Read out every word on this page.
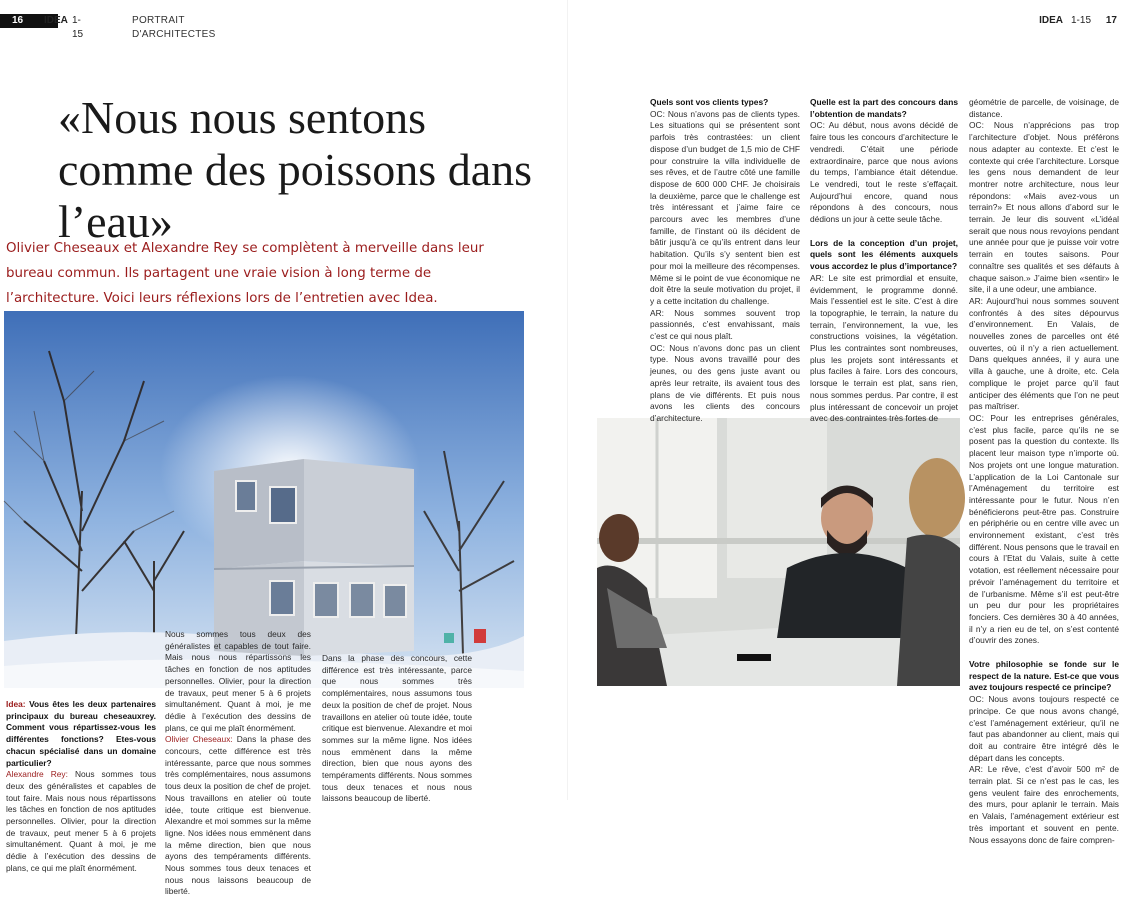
16	IDEA 1-15
PORTRAIT D'ARCHITECTES
IDEA 1-15 17
«Nous nous sentons comme des poissons dans l’eau»

Olivier Cheseaux et Alexandre Rey se complètent à merveille dans leur bureau commun. Ils partagent une vraie vision à long terme de l’architecture. Voici leurs réflexions lors de l’entretien avec Idea.

Idea: Vous êtes les deux partenaires principaux du bureau cheseauxrey. Comment vous répartissez-vous les différentes fonctions? Etes-vous chacun spécialisé dans un domaine particulier?

Alexandre Rey: Nous sommes tous deux des généralistes et capables de tout faire. Mais nous nous répartissons les tâches en fonction de nos aptitudes personnelles. Olivier, pour la direction de travaux, peut mener 5 à 6 projets simultanément. Quant à moi, je me dédie à l’exécution des dessins de plans, ce qui me plaît énormément.

Nous sommes tous deux des généralistes et capables de tout faire. Mais nous nous répartissons les tâches en fonction de nos aptitudes personnelles. Olivier, pour la direction de travaux, peut mener 5 à 6 projets simultanément. Quant à moi, je me dédie à l’exécution des dessins de plans, ce qui me plaît énormément.

Olivier Cheseaux: Dans la phase des concours, cette différence est très intéressante, parce que nous sommes très complémentaires, nous assumons tous deux la position de chef de projet. Nous travaillons en atelier où toute idée, toute critique est bienvenue. Alexandre et moi sommes sur la même ligne. Nos idées nous emmènent dans la même direction, bien que nous ayons des tempéraments différents. Nous sommes tous deux tenaces et nous nous laissons beaucoup de liberté.

Dans la phase des concours, cette différence est très intéressante, parce que nous sommes très complémentaires, nous assumons tous deux la position de chef de projet. Nous travaillons en atelier où toute idée, toute critique est bienvenue. Alexandre et moi sommes sur la même ligne. Nos idées nous emmènent dans la même direction, bien que nous ayons des tempéraments différents. Nous sommes tous deux tenaces et nous nous laissons beaucoup de liberté.

Quels sont vos clients types?

OC: Nous n’avons pas de clients types. Les situations qui se présentent sont parfois très contrastées: un client dispose d’un budget de 1,5 mio de CHF pour construire la villa individuelle de ses rêves, et de l’autre côté une famille dispose de 600 000 CHF. Je choisirais la deuxième, parce que le challenge est très intéressant et j’aime faire ce parcours avec les membres d’une famille, de l’instant où ils décident de bâtir jusqu’à ce qu’ils entrent dans leur habitation. Qu’ils s’y sentent bien est pour moi la meilleure des récompenses. Même si le point de vue économique ne doit être la seule motivation du projet, il y a cette incitation du challenge.

AR: Nous sommes souvent trop passionnés, c’est envahissant, mais c’est ce qui nous plaît.

OC: Nous n’avons donc pas un client type. Nous avons travaillé pour des jeunes, ou des gens juste avant ou après leur retraite, ils avaient tous des plans de vie différents. Et puis nous avons les clients des concours d’architecture.

Quelle est la part des concours dans l’obtention de mandats?

OC: Au début, nous avons décidé de faire tous les concours d’architecture le vendredi. C’était une période extraordinaire, parce que nous avions du temps, l’ambiance était détendue. Le vendredi, tout le reste s’effaçait. Aujourd’hui encore, quand nous répondons à des concours, nous dédions un jour à cette seule tâche.

Lors de la conception d’un projet, quels sont les éléments auxquels vous accordez le plus d’importance?

AR: Le site est primordial et ensuite, évidemment, le programme donné. Mais l’essentiel est le site. C’est à dire la topographie, le terrain, la nature du terrain, l’environnement, la vue, les constructions voisines, la végétation. Plus les contraintes sont nombreuses, plus les projets sont intéressants et plus faciles à faire. Lors des concours, lorsque le terrain est plat, sans rien, nous sommes perdus. Par contre, il est plus intéressant de concevoir un projet avec des contraintes très fortes de

géométrie de parcelle, de voisinage, de distance.

OC: Nous n’apprécions pas trop l’architecture d’objet. Nous préférons nous adapter au contexte. Et c’est le contexte qui crée l’architecture. Lorsque les gens nous demandent de leur montrer notre architecture, nous leur répondons: «Mais avez-vous un terrain?» Et nous allons d’abord sur le terrain. Je leur dis souvent «L’idéal serait que nous nous revoyions pendant une année pour que je puisse voir votre terrain en toutes saisons. Pour connaître ses qualités et ses défauts à chaque saison.» J’aime bien «sentir» le site, il a une odeur, une ambiance.

AR: Aujourd’hui nous sommes souvent confrontés à des sites dépourvus d’environnement. En Valais, de nouvelles zones de parcelles ont été ouvertes, où il n’y a rien actuellement. Dans quelques années, il y aura une villa à gauche, une à droite, etc. Cela complique le projet parce qu’il faut anticiper des éléments que l’on ne peut pas maîtriser.

OC: Pour les entreprises générales, c’est plus facile, parce qu’ils ne se posent pas la question du contexte. Ils placent leur maison type n’importe où. Nos projets ont une longue maturation. L’application de la Loi Cantonale sur l’Aménagement du territoire est intéressante pour le futur. Nous n’en bénéficierons peut-être pas. Construire en périphérie ou en centre ville avec un environnement existant, c’est très différent. Nous pensons que le travail en cours à l’Etat du Valais, suite à cette votation, est réellement nécessaire pour prévoir l’aménagement du territoire et de l’urbanisme. Même s’il est peut-être un peu dur pour les propriétaires fonciers. Ces dernières 30 à 40 années, il n’y a rien eu de tel, on s’est contenté d’ouvrir des zones.

Votre philosophie se fonde sur le respect de la nature. Est-ce que vous avez toujours respecté ce principe?

OC: Nous avons toujours respecté ce principe. Ce que nous avons changé, c’est l’aménagement extérieur, qu’il ne faut pas abandonner au client, mais qui doit au contraire être intégré dès le départ dans les concepts.

AR: Le rêve, c’est d’avoir 500 m² de terrain plat. Si ce n’est pas le cas, les gens veulent faire des enrochements, des murs, pour aplanir le terrain. Mais en Valais, l’aménagement extérieur est très important et souvent en pente. Nous essayons donc de faire compren-
